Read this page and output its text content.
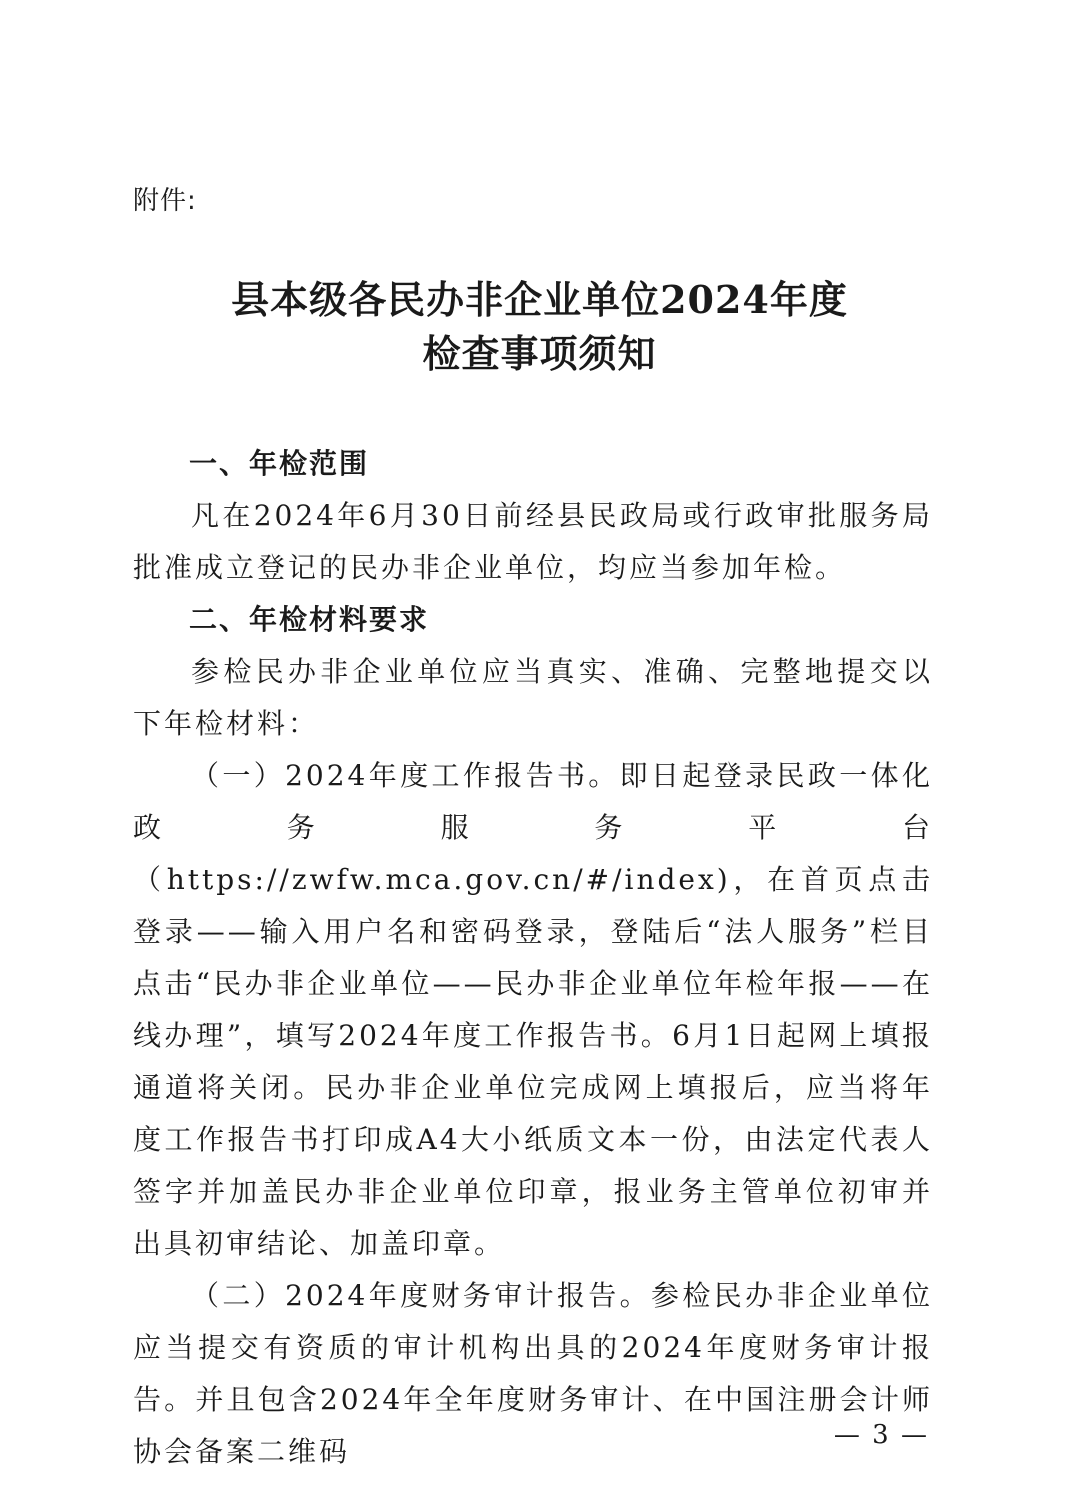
附件:
县本级各民办非企业单位2024年度
检查事项须知

一、年检范围

凡在2024年6月30日前经县民政局或行政审批服务局批准成立登记的民办非企业单位，均应当参加年检。

二、年检材料要求

参检民办非企业单位应当真实、准确、完整地提交以下年检材料：

（一）2024年度工作报告书。即日起登录民政一体化政务服务平台（https://zwfw.mca.gov.cn/#/index)，在首页点击登录——输入用户名和密码登录，登陆后“法人服务”栏目点击“民办非企业单位——民办非企业单位年检年报——在线办理”，填写2024年度工作报告书。6月1日起网上填报通道将关闭。民办非企业单位完成网上填报后，应当将年度工作报告书打印成A4大小纸质文本一份，由法定代表人签字并加盖民办非企业单位印章，报业务主管单位初审并出具初审结论、加盖印章。

（二）2024年度财务审计报告。参检民办非企业单位应当提交有资质的审计机构出具的2024年度财务审计报告。并且包含2024年全年度财务审计、在中国注册会计师协会备案二维码	— 3 —
